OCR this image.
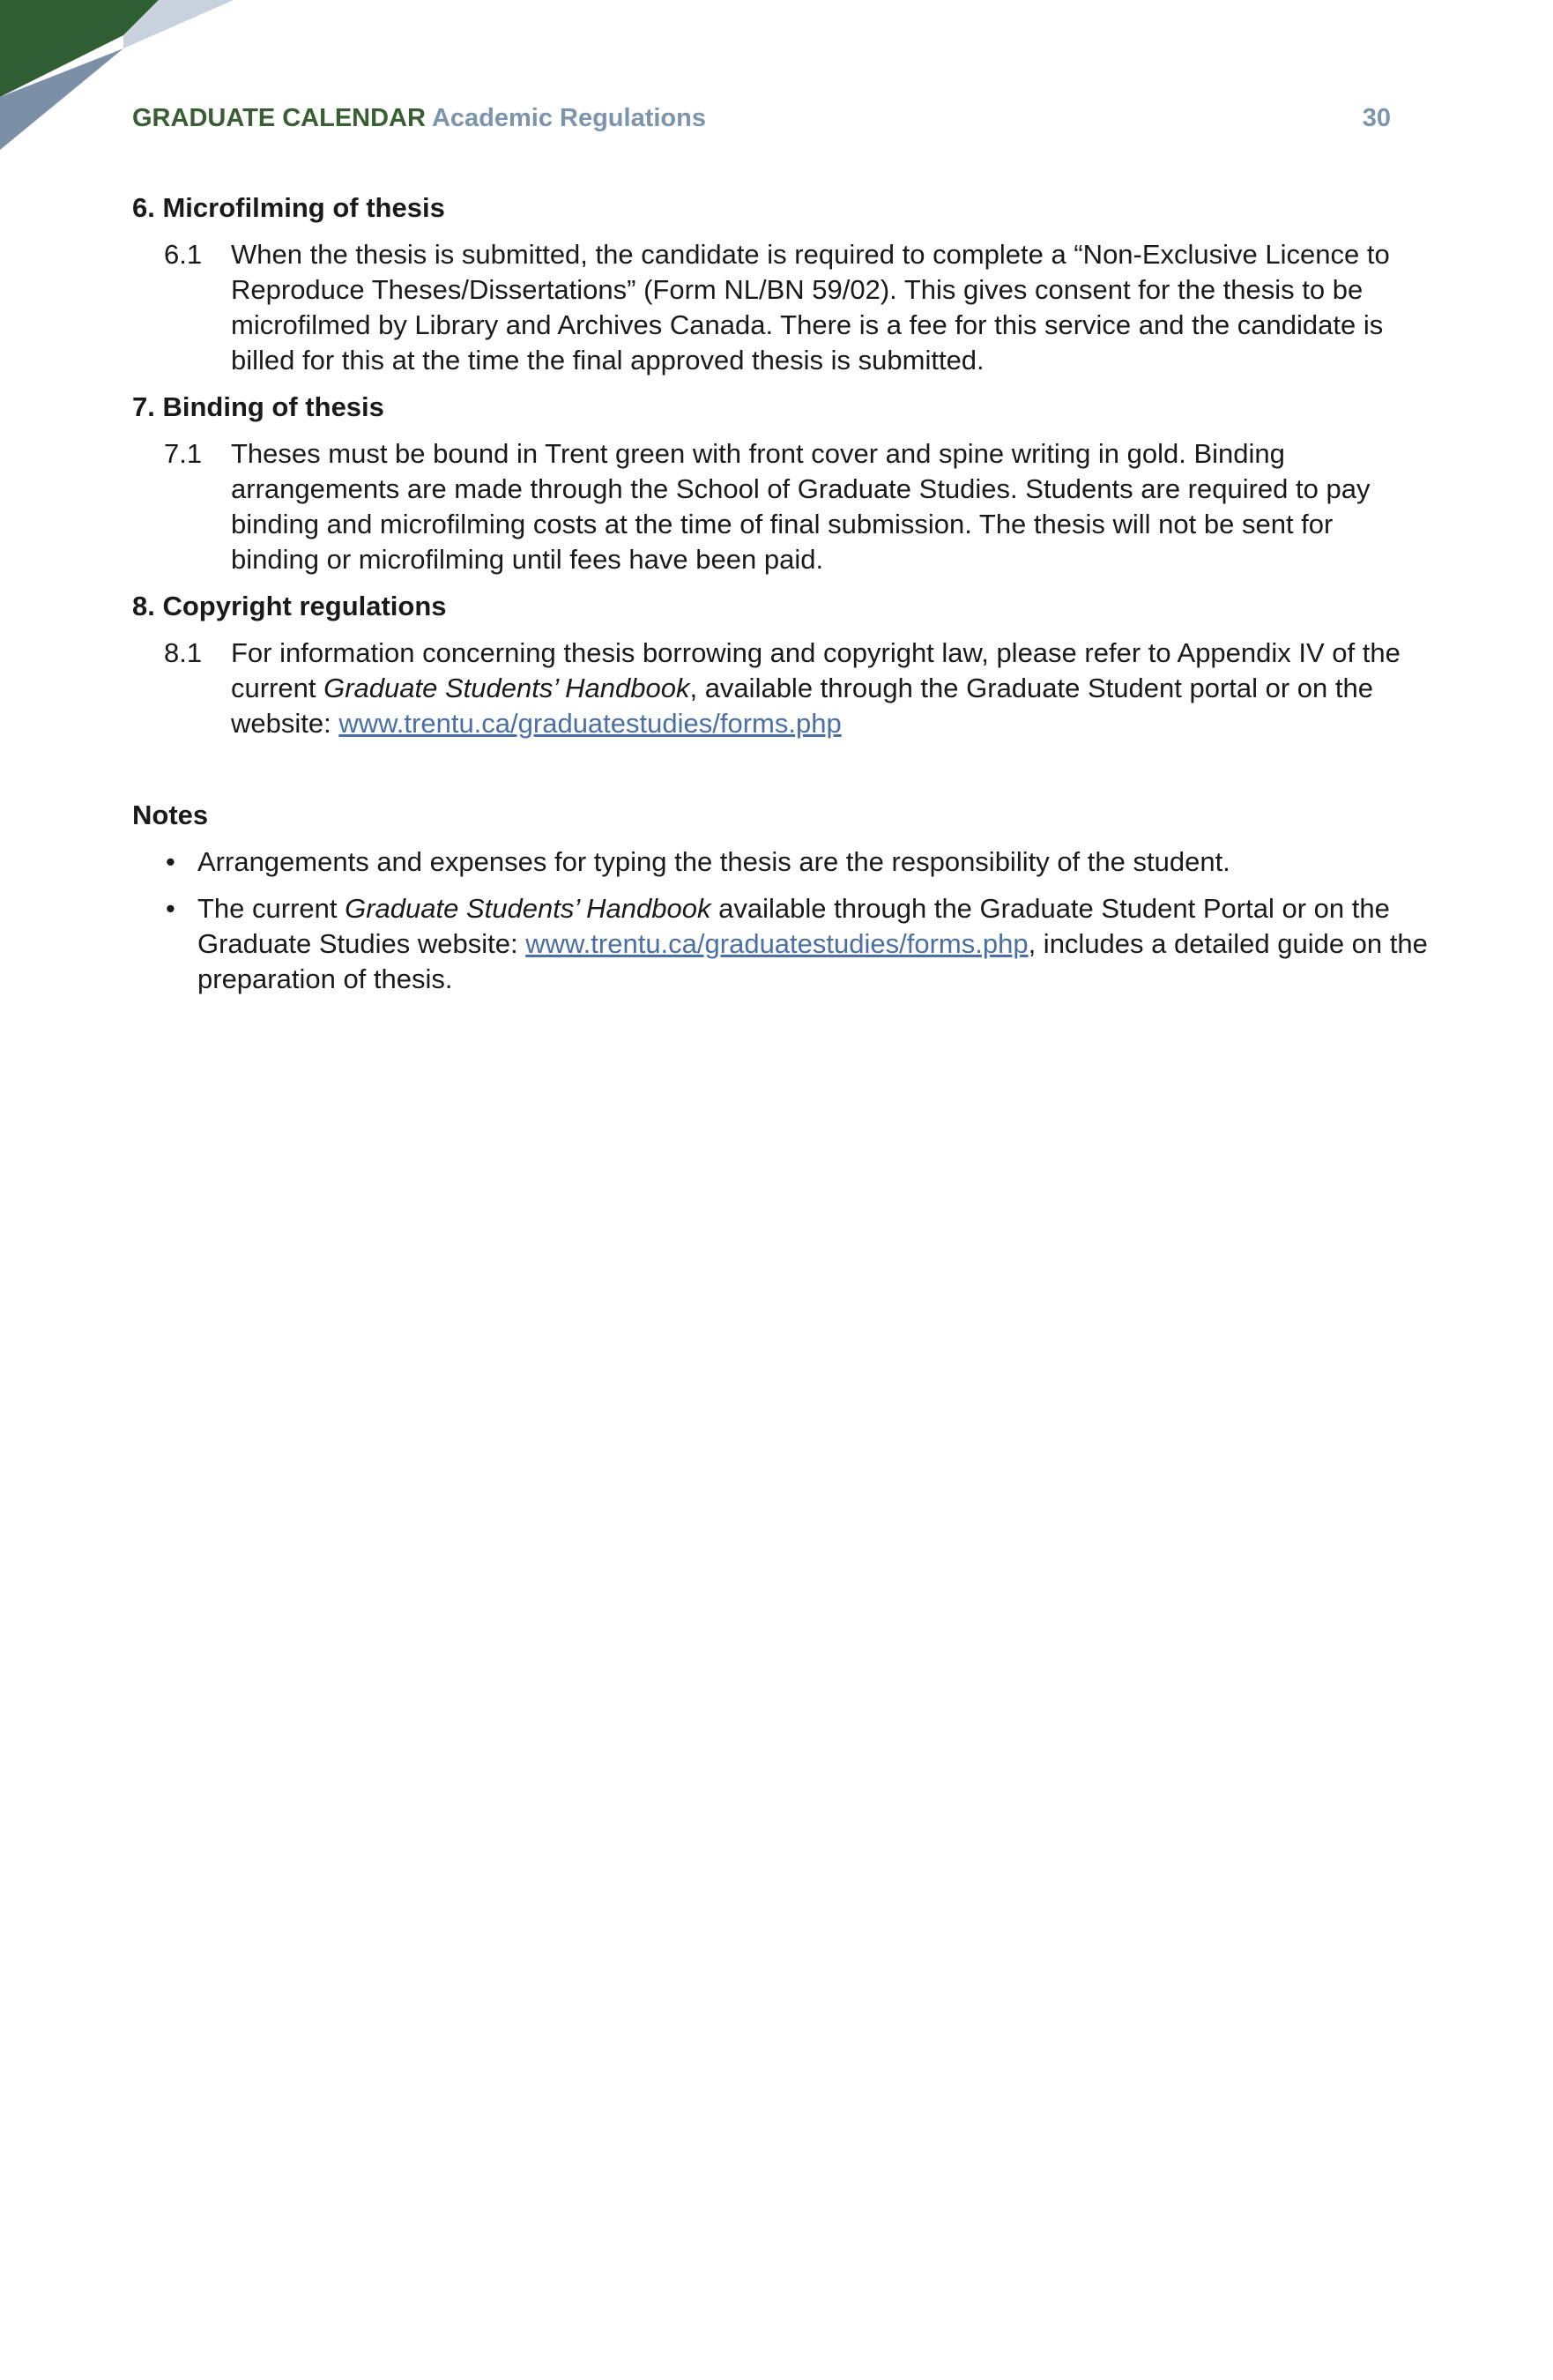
GRADUATE CALENDAR Academic Regulations	30
6. Microfilming of thesis
6.1 When the thesis is submitted, the candidate is required to complete a “Non-Exclusive Licence to Reproduce Theses/Dissertations” (Form NL/BN 59/02). This gives consent for the thesis to be microfilmed by Library and Archives Canada. There is a fee for this service and the candidate is billed for this at the time the final approved thesis is submitted.
7. Binding of thesis
7.1 Theses must be bound in Trent green with front cover and spine writing in gold. Binding arrangements are made through the School of Graduate Studies. Students are required to pay binding and microfilming costs at the time of final submission. The thesis will not be sent for binding or microfilming until fees have been paid.
8. Copyright regulations
8.1 For information concerning thesis borrowing and copyright law, please refer to Appendix IV of the current Graduate Students’ Handbook, available through the Graduate Student portal or on the website: www.trentu.ca/graduatestudies/forms.php
Notes
• Arrangements and expenses for typing the thesis are the responsibility of the student.
• The current Graduate Students’ Handbook available through the Graduate Student Portal or on the Graduate Studies website: www.trentu.ca/graduatestudies/forms.php, includes a detailed guide on the preparation of thesis.
